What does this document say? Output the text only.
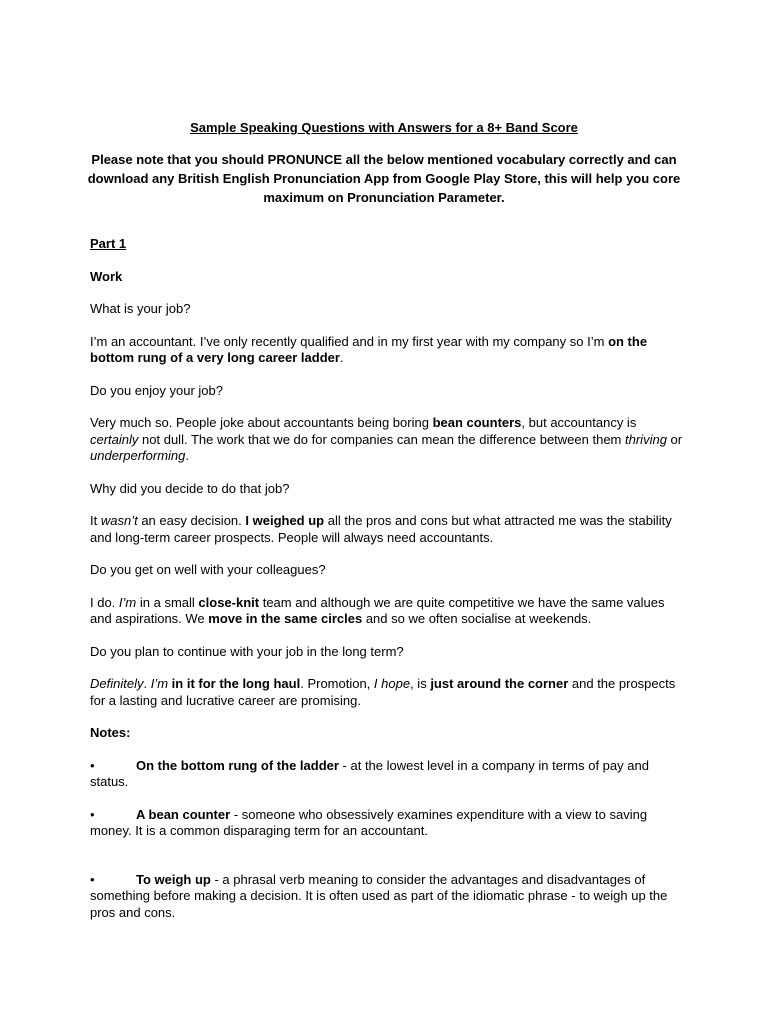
Sample Speaking Questions with Answers for a 8+ Band Score
Please note that you should PRONUNCE all the below mentioned vocabulary correctly and can download any British English Pronunciation App from Google Play Store, this will help you core maximum on Pronunciation Parameter.

Part 1

Work

What is your job?

I’m an accountant. I’ve only recently qualified and in my first year with my company so I’m on the bottom rung of a very long career ladder.

Do you enjoy your job?

Very much so. People joke about accountants being boring bean counters, but accountancy is certainly not dull. The work that we do for companies can mean the difference between them thriving or underperforming.

Why did you decide to do that job?

It wasn’t an easy decision. I weighed up all the pros and cons but what attracted me was the stability and long-term career prospects. People will always need accountants.

Do you get on well with your colleagues?

I do. I’m in a small close-knit team and although we are quite competitive we have the same values and aspirations. We move in the same circles and so we often socialise at weekends.

Do you plan to continue with your job in the long term?

Definitely. I’m in it for the long haul. Promotion, I hope, is just around the corner and the prospects for a lasting and lucrative career are promising.

Notes:

•	On the bottom rung of the ladder - at the lowest level in a company in terms of pay and status.

•	A bean counter - someone who obsessively examines expenditure with a view to saving money. It is a common disparaging term for an accountant.

•	To weigh up - a phrasal verb meaning to consider the advantages and disadvantages of something before making a decision. It is often used as part of the idiomatic phrase - to weigh up the pros and cons.
